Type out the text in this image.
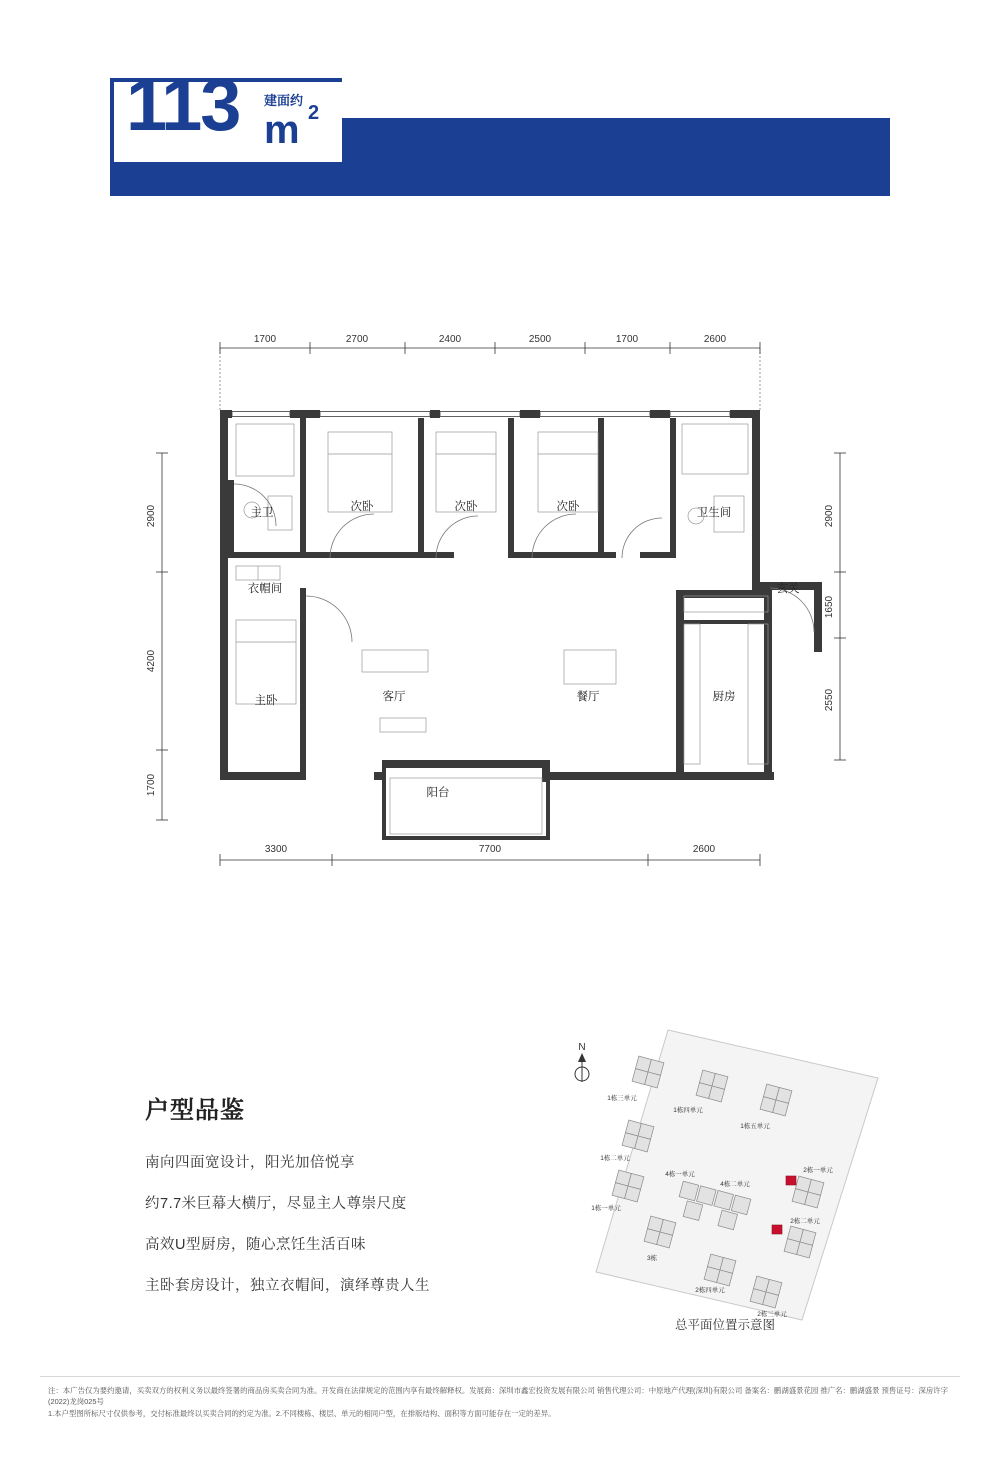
113 建面约
m 2
四房两厅两卫	2栋一/二/单元 01户型
1700	2700	2400	2500	1700	2600
2900
4200
1700
2900
1650
2550
3300	7700	2600
主卫	次卧	次卧	次卧	卫生间
衣帽间	玄关
主卧	客厅	餐厅	厨房
阳台
户型品鉴

南向四面宽设计，阳光加倍悦享

约7.7米巨幕大横厅，尽显主人尊崇尺度

高效U型厨房，随心烹饪生活百味

主卧套房设计，独立衣帽间，演绎尊贵人生

N
1栋三单元
1栋四单元
1栋五单元
1栋二单元
1栋一单元
4栋一单元
4栋二单元
2栋一单元
2栋二单元
3栋
2栋四单元
2栋三单元
总平面位置示意图
注：本广告仅为要约邀请，买卖双方的权利义务以最终签署的商品房买卖合同为准。开发商在法律规定的范围内享有最终解释权。发展商：深圳市鑫宏投资发展有限公司 销售代理公司：中原地产代理(深圳)有限公司 备案名：鹏湖盛景花园 推广名：鹏湖盛景 预售证号：深房许字(2022)龙岗025号
1.本户型图所标尺寸仅供参考，交付标准最终以买卖合同的约定为准。2.不同楼栋、楼层、单元的相同户型，在排版结构、面积等方面可能存在一定的差异。
